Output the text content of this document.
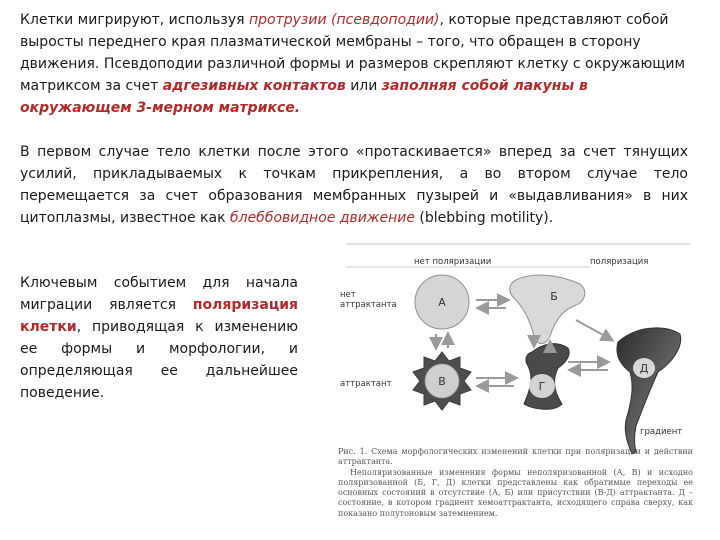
Клетки мигрируют, используя протрузии (псевдоподии), которые представляют собой выросты переднего края плазматической мембраны – того, что обращен в сторону движения. Псевдоподии различной формы и размеров скрепляют клетку с окружающим матриксом за счет адгезивных контактов или заполняя собой лакуны в окружающем 3-мерном матриксе.

В первом случае тело клетки после этого «протаскивается» вперед за счет тянущих усилий, прикладываемых к точкам прикрепления, а во втором случае тело перемещается за счет образования мембранных пузырей и «выдавливания» в них цитоплазмы, известное как блеббовидное движение (blebbing motility).

Ключевым событием для начала миграции является поляризация клетки, приводящая к изменению ее формы и морфологии, и определяющая ее дальнейшее поведение.

нет поляризации	поляризация
нет
аттрактанта
аттрактант
А	Б
В	Г
Д
градиент

Рис. 1. Схема морфологических изменений клетки при поляризации и действии аттрактанта.
Неполяризованные изменения формы неполяризованной (А, В) и исходно поляризованной (Б, Г, Д) клетки представлены как обратимые переходы ее основных состояний в отсутствие (А, Б) или присутствии (В-Д) аттрактанта. Д – состояние, в котором градиент хемоаттрактанта, исходящего справа сверху, как показано полутоновым затемнением.
